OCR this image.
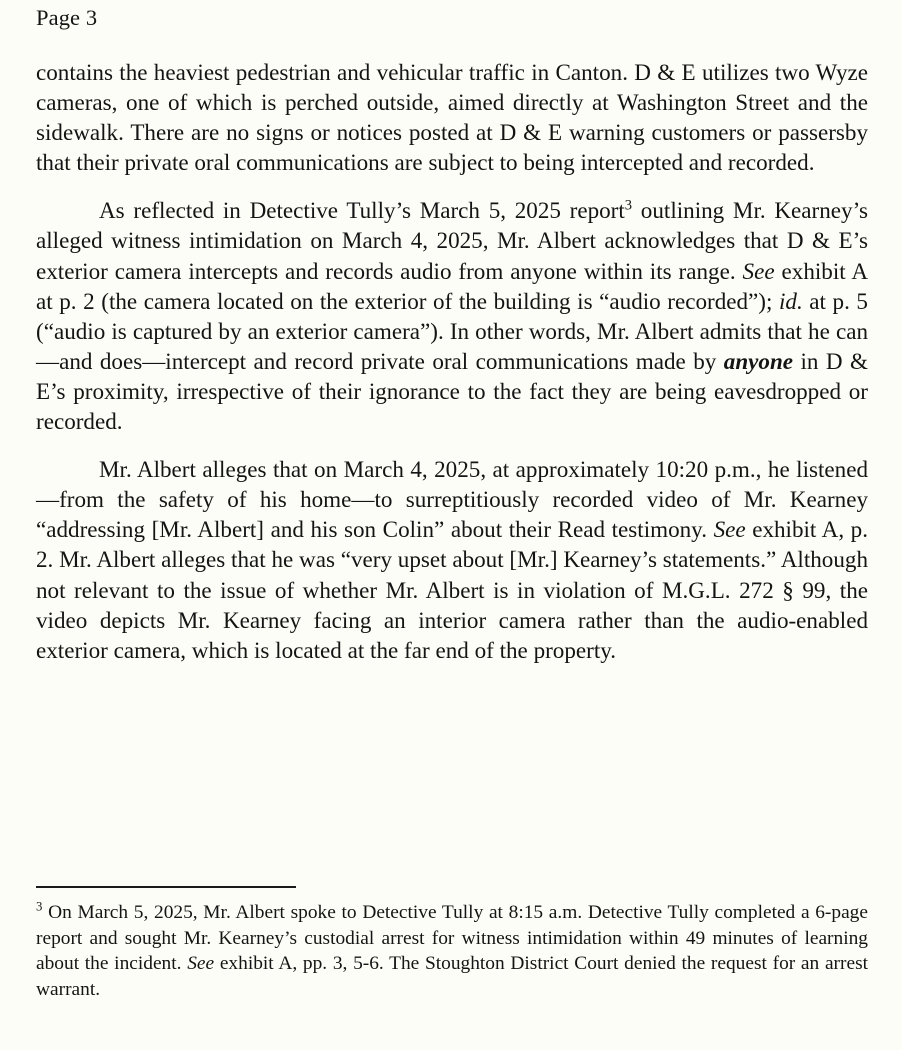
Page 3

contains the heaviest pedestrian and vehicular traffic in Canton. D & E utilizes two Wyze cameras, one of which is perched outside, aimed directly at Washington Street and the sidewalk. There are no signs or notices posted at D & E warning customers or passersby that their private oral communications are subject to being intercepted and recorded.

As reflected in Detective Tully’s March 5, 2025 report$^3$ outlining Mr. Kearney’s alleged witness intimidation on March 4, 2025, Mr. Albert acknowledges that D & E’s exterior camera intercepts and records audio from anyone within its range. See exhibit A at p. 2 (the camera located on the exterior of the building is “audio recorded”); id. at p. 5 (“audio is captured by an exterior camera”). In other words, Mr. Albert admits that he can—and does—intercept and record private oral communications made by anyone in D & E’s proximity, irrespective of their ignorance to the fact they are being eavesdropped or recorded.

Mr. Albert alleges that on March 4, 2025, at approximately 10:20 p.m., he listened—from the safety of his home—to surreptitiously recorded video of Mr. Kearney “addressing [Mr. Albert] and his son Colin” about their Read testimony. See exhibit A, p. 2. Mr. Albert alleges that he was “very upset about [Mr.] Kearney’s statements.” Although not relevant to the issue of whether Mr. Albert is in violation of M.G.L. 272 § 99, the video depicts Mr. Kearney facing an interior camera rather than the audio-enabled exterior camera, which is located at the far end of the property.

$^3$ On March 5, 2025, Mr. Albert spoke to Detective Tully at 8:15 a.m. Detective Tully completed a 6-page report and sought Mr. Kearney’s custodial arrest for witness intimidation within 49 minutes of learning about the incident. See exhibit A, pp. 3, 5-6. The Stoughton District Court denied the request for an arrest warrant.
